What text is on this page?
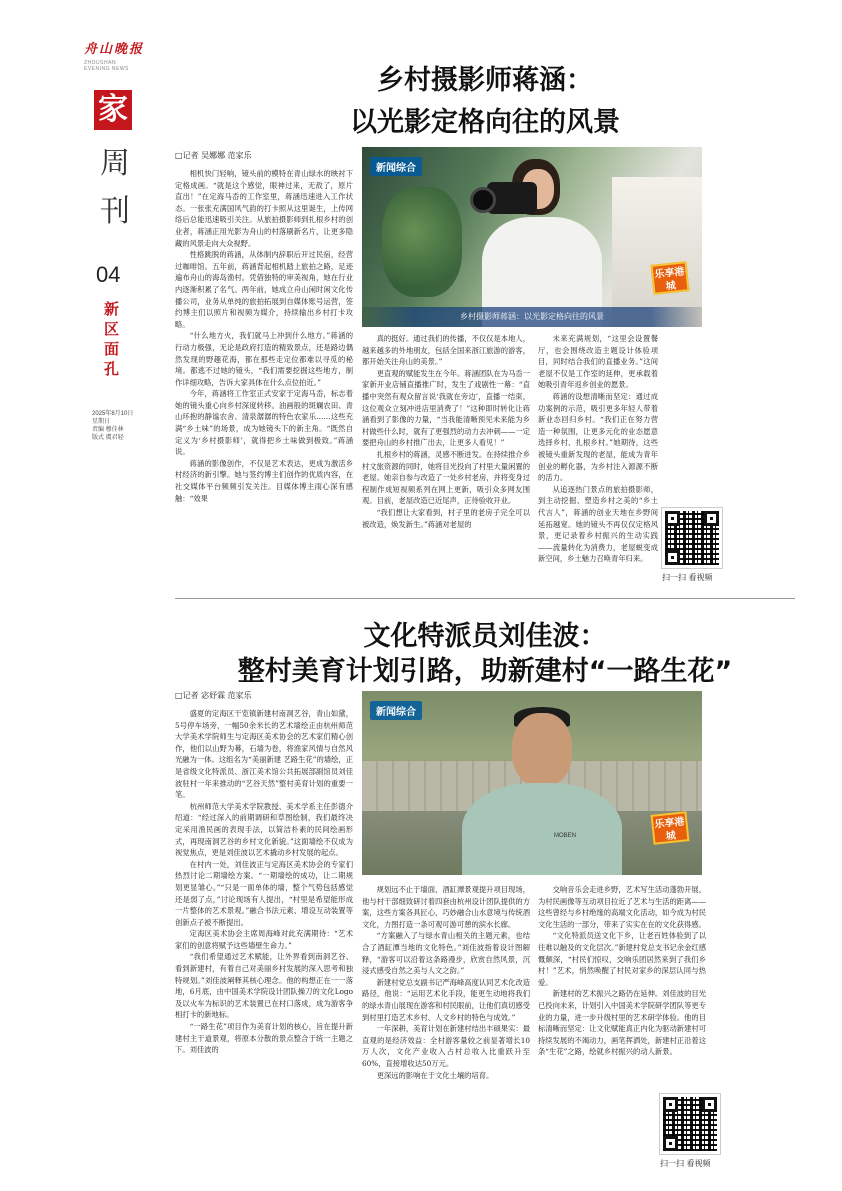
舟山晚报
ZHOUSHAN
EVENING NEWS
家
周
刊
04
新
区
面
孔
2025年8月10日
星期日
责编 穆佳林
版式 虞君轻
乡村摄影师蒋涵：
以光影定格向往的风景
□记者 吴娜娜 范家乐

相机快门轻响，镜头前的模特在青山绿水的映衬下定格成画。“就是这个感觉，眼神过来，无敌了，原片直出！”在定海马岙的工作室里，蒋涵迅速进入工作状态。一张张充满国风气韵的打卡照从这里诞生，上传网络后总能迅速吸引关注。从旅拍摄影师到扎根乡村的创业者，蒋涵正用光影为舟山的村落刷新名片，让更多隐藏的风景走向大众视野。

性格跳脱的蒋涵，从体制内辞职后开过民宿，经营过咖啡馆。五年前，蒋涵背起相机踏上旅拍之路，足迹遍布舟山的海岛渔村。凭借独特的审美视角，她在行业内逐渐积累了名气。两年前，她成立舟山闲时闲文化传播公司，业务从单纯的旅拍拓展到自媒体账号运营，签约博主们以照片和视频为媒介，持续输出乡村打卡攻略。

“什么地方火，我们就马上冲到什么地方。”蒋涵的行动力极强，无论是政府打造的精致景点，还是路边偶然发现的野趣花海，都在那些走定位都难以寻觅的秘境。都逃不过她的镜头，“我们需要挖掘这些地方，制作详细攻略，告诉大家具体在什么点位拍近。”

今年，蒋涵将工作室正式安家于定海马岙，标志着她的镜头重心向乡村深度转移。油画般的斑斓农田、青山环抱的静谧农舍、清泉潺潺的特色农家乐……这些充满“乡土味”的场景，成为她镜头下的新主角。“既然自定义为‘乡村摄影师’，就得把乡土味做到极致。”蒋涵说。

蒋涵的影像创作，不仅是艺术表达，更成为激活乡村经济的新引擎。她与签约博主们创作的优质内容，在社交媒体平台频频引发关注。目媒体博主雨心深有感触：“效果

新闻综合
乐享港城
乡村摄影师蒋涵：以光影定格向往的风景

真的挺好。通过我们的传播，不仅仅是本地人，越来越多的外地朋友，包括全国来浙江旅游的游客，都开始关注舟山的美景。”

更直观的赋能发生在今年。蒋涵团队在为马岙一家新开业店铺直播推广时，发生了戏剧性一幕：“直播中突然有观众留言说‘我就在旁边’，直播一结束，这位观众立刻冲进店里消费了！”这种即时转化让蒋涵看到了影像的力量，“当我能清晰预见未来能为乡村做些什么时，就有了更强烈的动力去冲刺——一定要把舟山的乡村推广出去，让更多人看见！”

扎根乡村的蒋涵，灵感不断迸发。在持续推介乡村文旅资源的同时，她将目光投向了村里大量闲置的老屋。她亲自参与改造了一处乡村老房，并将变身过程制作成短视频系列在网上更新，吸引众多网友围观。目前，老屋改造已近尾声，正待验收开业。

“我们想让大家看到，村子里的老房子完全可以被改造，焕发新生。”蒋涵对老屋的

未来充满规划，“这里会设置餐厅，也会围绕改造主题设计体验项目，同时结合我们的直播业务。”这间老屋不仅是工作室的延伸，更承载着她吸引青年返乡创业的愿景。

蒋涵的设想清晰而坚定：通过成功案例的示范，吸引更多年轻人带着新业态回归乡村。“我们正在努力营造一种氛围，让更多元化的业态愿意选择乡村、扎根乡村。”她期待，这些被镜头重新发现的老屋，能成为青年创业的孵化器，为乡村注入源源不断的活力。

从追逐热门景点的旅拍摄影师，到主动挖掘、塑造乡村之美的“乡土代言人”，蒋涵的创业天地在乡野间延拓越宽。她的镜头不再仅仅定格风景，更记录着乡村振兴的生动实践——流量转化为消费力，老屋蜕变成新空间，乡土魅力召唤青年归来。

扫一扫 看视频
文化特派员刘佳波：
整村美育计划引路，助新建村“一路生花”
□记者 宓妤霖 范家乐

盛夏的定海区干览镇新建村南洞艺谷，青山如黛，5号停车场旁，一幅50余米长的艺术墙绘正由杭州师范大学美术学院师生与定海区美术协会的艺术家们精心创作，他们以山野为幕，石墙为卷，将渔家风情与自然风光融为一体。这组名为“美丽新建 艺路生花”的墙绘，正是省级文化特派员、浙江美术馆公共拓展部副馆员刘佳波驻村一年来推动的“艺谷天然”整村美育计划的重要一笔。

杭州师范大学美术学院教授、美术学系主任彭德介绍道：“经过深入的前期调研和草图绘制，我们最终决定采用渔民画的表现手法，以简洁朴素的民间绘画形式，再现南洞艺谷的乡村文化新貌。”这面墙绘不仅成为视觉焦点，更是刘佳波以艺术撬动乡村发展的起点。

在村内一处，刘佳波正与定海区美术协会的专家们热烈讨论二期墙绘方案。“一期墙绘的成功，让二期规划更显雏心。”“只是一面单体的墙，整个气势包括感觉还是弱了点，”讨论现场有人提出，“村里是希望能形成一片整体的艺术景观。”融合书法元素、增设互动装置等创新点子被不断提出。

定海区美术协会主席周海峰对此充满期待：“艺术家们的创意将赋予这些墙壁生命力。”

“我们希望通过艺术赋能，让外界看到南洞艺谷、看到新建村，有着自己对美丽乡村发展的深入思考和独特规划。”刘佳波阐释其核心理念。他的构想正在一一落地，6月底，由中国美术学院设计团队操刀的文化Logo及以火车为标识的艺术装置已在村口落成，成为游客争相打卡的新地标。

“一路生花”项目作为美育计划的核心，旨在提升新建村主干道景观，将原本分散的景点整合于统一主题之下。刘佳波的

新闻综合
MOBEN
乐享港城

规划远不止于墙面，酒缸潭景观提升项目现场，他与村干部细致研讨着四套由杭州设计团队提供的方案，这些方案各具匠心，巧妙融合山水意境与传统酒文化，力图打造一条可观可游可憩的滨水长廊。

“方案融入了与绿水青山相关的主题元素，也结合了酒缸潭当地的文化特色。”刘佳波指着设计图解释，“游客可以沿着这条路漫步，欣赏自然风景，沉浸式感受自然之美与人文之韵。”

新建村党总支副书记严海峰高度认同艺术化改造路径，他说：“运用艺术化手段，能更生动地将我们的绿水青山展现在游客和村民眼前，让他们真切感受到村里打造艺术乡村、人文乡村的特色与成效。”

一年深耕，美育计划在新建村结出丰硕果实：最直观的是经济效益：全村游客量较之前显著增长10万人次，文化产业收入占村总收入比重跃升至60%，直接增收达50万元。

更深远的影响在于文化土壤的培育。

交响音乐会走进乡野，艺术写生活动蓬勃开展，为村民画像等互动项目拉近了艺术与生活的距离——这些曾经与乡村绝缘的高端文化活动，如今成为村民文化生活的一部分，带来了实实在在的文化获得感。

“文化特派员送文化下乡，让老百姓体验到了以往难以触及的文化层次。”新建村党总支书记余金红感慨颇深，“村民们惊叹，交响乐团居然来到了我们乡村！”艺术，悄然唤醒了村民对家乡的深层认同与热爱。

新建村的艺术振兴之路仍在延伸。刘佳波的目光已投向未来，计划引入中国美术学院研学团队等更专业的力量，进一步升级村里的艺术研学体验。他的目标清晰而坚定：让文化赋能真正内化为驱动新建村可持续发展的不竭动力，画笔挥洒处，新建村正沿着这条“生花”之路，绘就乡村振兴的动人新景。

扫一扫 看视频
